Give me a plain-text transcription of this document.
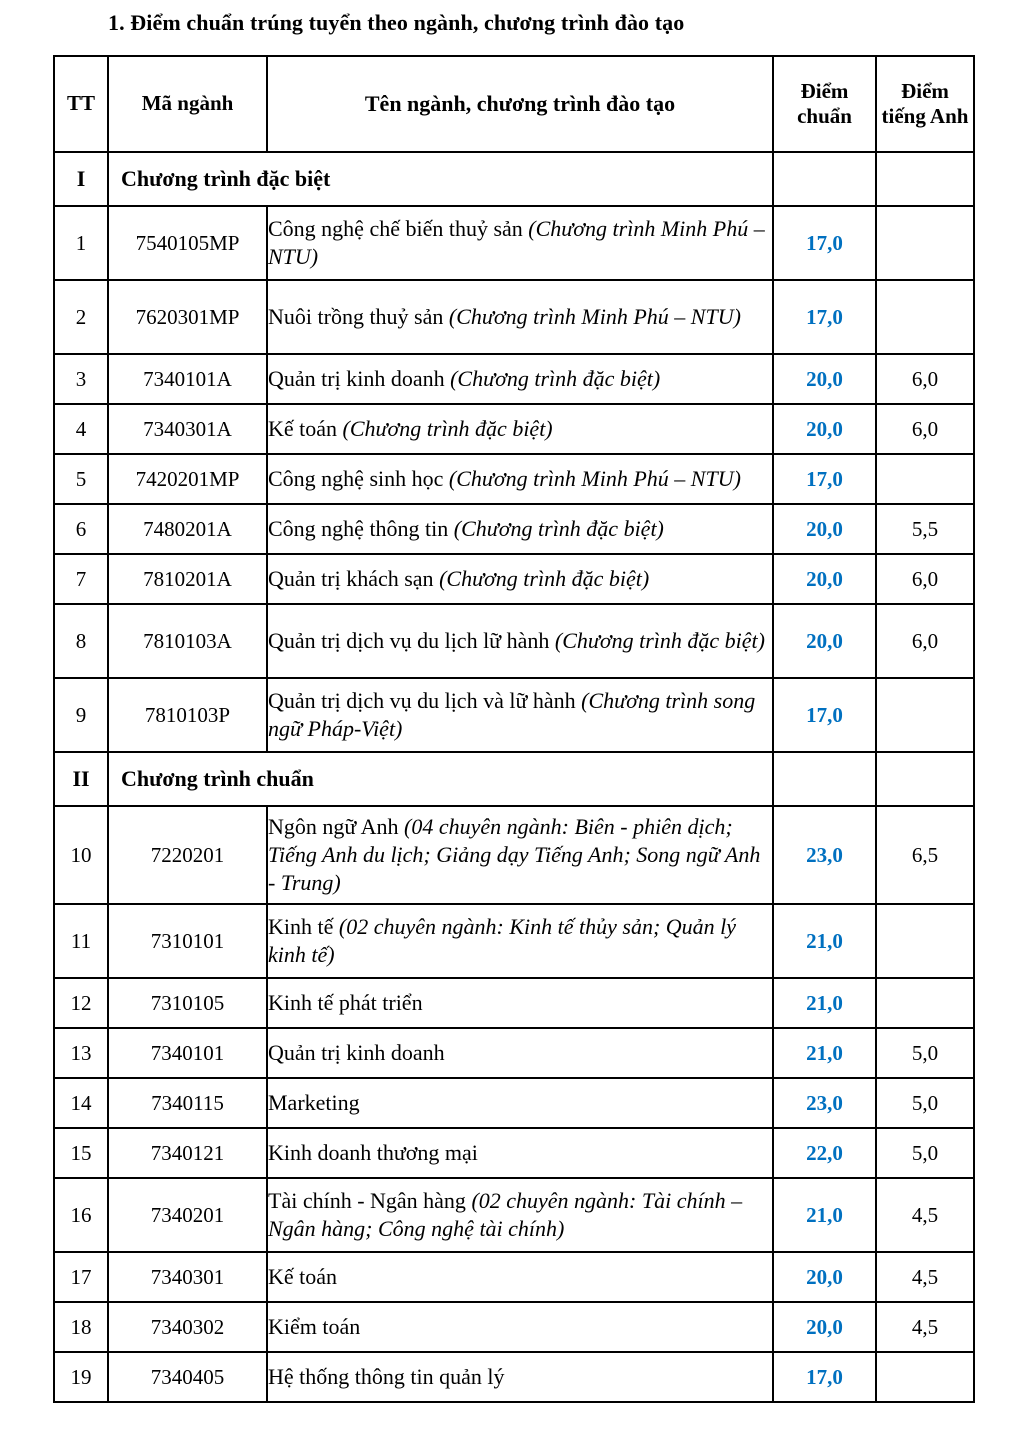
1. Điểm chuẩn trúng tuyển theo ngành, chương trình đào tạo
TT	Mã ngành	Tên ngành, chương trình đào tạo	Điểm chuẩn	Điểm tiếng Anh
I	Chương trình đặc biệt			
1	7540105MP	Công nghệ chế biến thuỷ sản (Chương trình Minh Phú – NTU)	17,0	
2	7620301MP	Nuôi trồng thuỷ sản (Chương trình Minh Phú – NTU)	17,0	
3	7340101A	Quản trị kinh doanh (Chương trình đặc biệt)	20,0	6,0
4	7340301A	Kế toán (Chương trình đặc biệt)	20,0	6,0
5	7420201MP	Công nghệ sinh học (Chương trình Minh Phú – NTU)	17,0	
6	7480201A	Công nghệ thông tin (Chương trình đặc biệt)	20,0	5,5
7	7810201A	Quản trị khách sạn (Chương trình đặc biệt)	20,0	6,0
8	7810103A	Quản trị dịch vụ du lịch lữ hành (Chương trình đặc biệt)	20,0	6,0
9	7810103P	Quản trị dịch vụ du lịch và lữ hành (Chương trình song ngữ Pháp-Việt)	17,0	
II	Chương trình chuẩn			
10	7220201	Ngôn ngữ Anh (04 chuyên ngành: Biên - phiên dịch; Tiếng Anh du lịch; Giảng dạy Tiếng Anh; Song ngữ Anh - Trung)	23,0	6,5
11	7310101	Kinh tế (02 chuyên ngành: Kinh tế thủy sản; Quản lý kinh tế)	21,0	
12	7310105	Kinh tế phát triển	21,0	
13	7340101	Quản trị kinh doanh	21,0	5,0
14	7340115	Marketing	23,0	5,0
15	7340121	Kinh doanh thương mại	22,0	5,0
16	7340201	Tài chính - Ngân hàng (02 chuyên ngành: Tài chính – Ngân hàng; Công nghệ tài chính)	21,0	4,5
17	7340301	Kế toán	20,0	4,5
18	7340302	Kiểm toán	20,0	4,5
19	7340405	Hệ thống thông tin quản lý	17,0	
